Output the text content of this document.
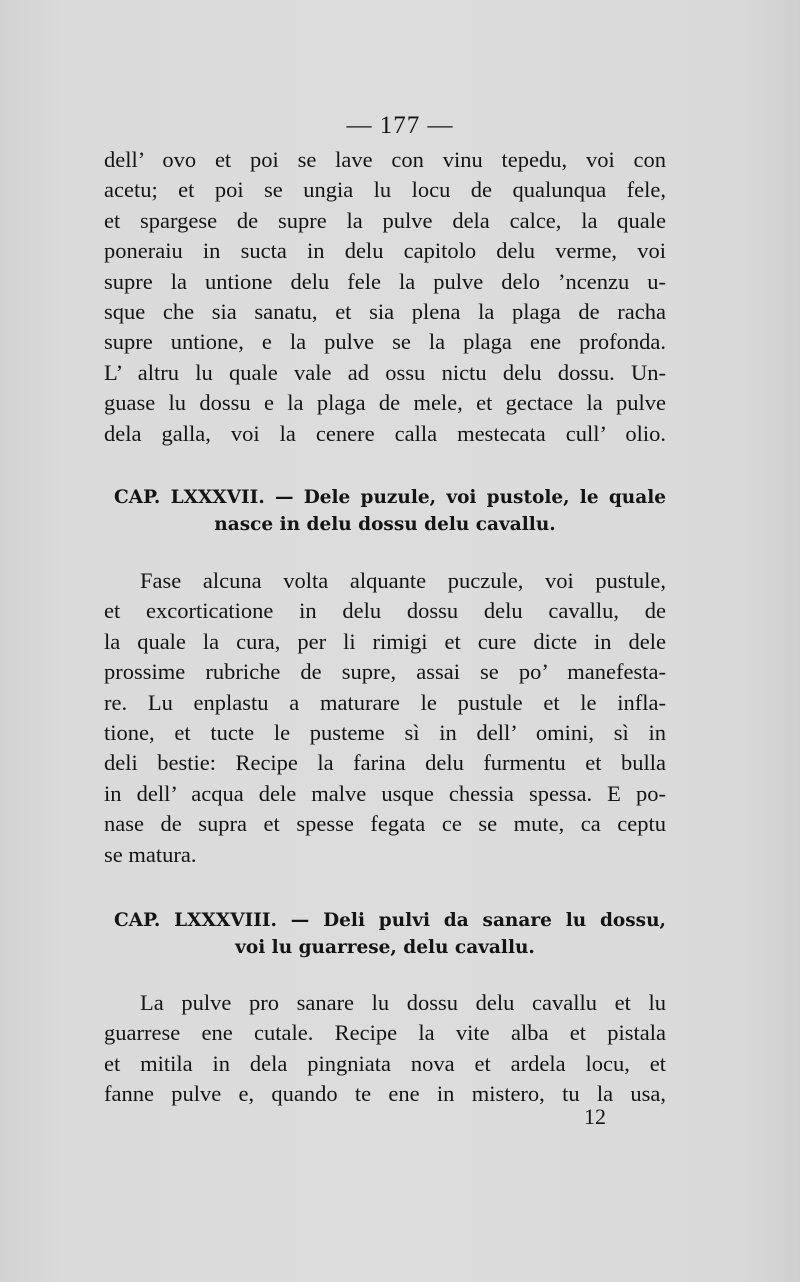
— 177 —
dell’ ovo et poi se lave con vinu tepedu, voi con
acetu; et poi se ungia lu locu de qualunqua fele,
et spargese de supre la pulve dela calce, la quale
poneraiu in sucta in delu capitolo delu verme, voi
supre la untione delu fele la pulve delo ’ncenzu u-
sque che sia sanatu, et sia plena la plaga de racha
supre untione, e la pulve se la plaga ene profonda.
L’ altru lu quale vale ad ossu nictu delu dossu. Un-
guase lu dossu e la plaga de mele, et gectace la pulve
dela galla, voi la cenere calla mestecata cull’ olio.
CAP. LXXXVII. — Dele puzule, voi pustole, le quale
nasce in delu dossu delu cavallu.
Fase alcuna volta alquante puczule, voi pustule,
et excorticatione in delu dossu delu cavallu, de
la quale la cura, per li rimigi et cure dicte in dele
prossime rubriche de supre, assai se po’ manefesta-
re. Lu enplastu a maturare le pustule et le infla-
tione, et tucte le pusteme sì in dell’ omini, sì in
deli bestie: Recipe la farina delu furmentu et bulla
in dell’ acqua dele malve usque chessia spessa. E po-
nase de supra et spesse fegata ce se mute, ca ceptu
se matura.
CAP. LXXXVIII. — Deli pulvi da sanare lu dossu,
voi lu guarrese, delu cavallu.
La pulve pro sanare lu dossu delu cavallu et lu
guarrese ene cutale. Recipe la vite alba et pistala
et mitila in dela pingniata nova et ardela locu, et
fanne pulve e, quando te ene in mistero, tu la usa,
12
